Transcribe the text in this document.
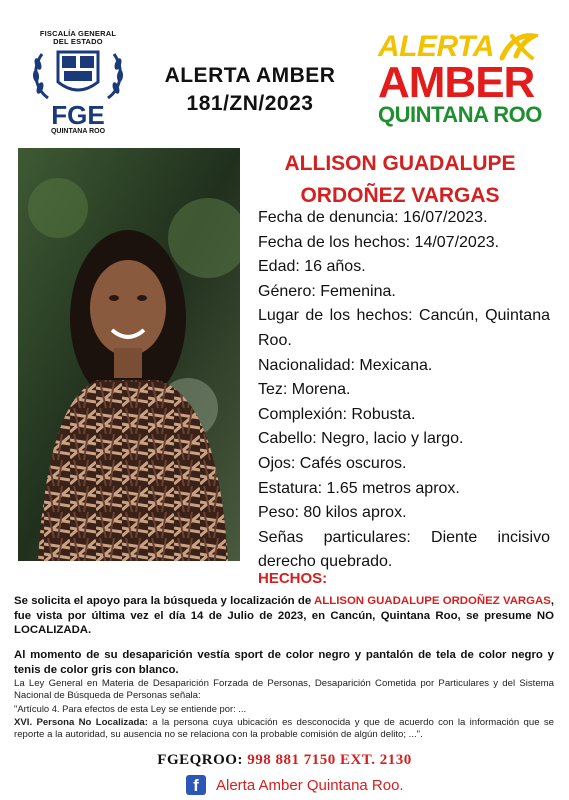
FISCALÍA GENERAL
DEL ESTADO
FGE
QUINTANA ROO
ALERTA AMBER
181/ZN/2023
ALERTA
AMBER
QUINTANA ROO
ALLISON GUADALUPE
ORDOÑEZ VARGAS
Fecha de denuncia: 16/07/2023.
Fecha de los hechos: 14/07/2023.
Edad: 16 años.
Género: Femenina.
Lugar de los hechos: Cancún, Quintana Roo.
Nacionalidad: Mexicana.
Tez: Morena.
Complexión: Robusta.
Cabello: Negro, lacio y largo.
Ojos: Cafés oscuros.
Estatura: 1.65 metros aprox.
Peso: 80 kilos aprox.
Señas particulares: Diente incisivo derecho quebrado.
HECHOS:
Se solicita el apoyo para la búsqueda y localización de ALLISON GUADALUPE ORDOÑEZ VARGAS, fue vista por última vez el día 14 de Julio de 2023, en Cancún, Quintana Roo, se presume NO LOCALIZADA.
Al momento de su desaparición vestía sport de color negro y pantalón de tela de color negro y tenis de color gris con blanco.
La Ley General en Materia de Desaparición Forzada de Personas, Desaparición Cometida por Particulares y del Sistema Nacional de Búsqueda de Personas señala:
"Artículo 4. Para efectos de esta Ley se entiende por: ...
XVI. Persona No Localizada: a la persona cuya ubicación es desconocida y que de acuerdo con la información que se reporte a la autoridad, su ausencia no se relaciona con la probable comisión de algún delito; ...".
FGEQROO: 998 881 7150 EXT. 2130
f	Alerta Amber Quintana Roo.
